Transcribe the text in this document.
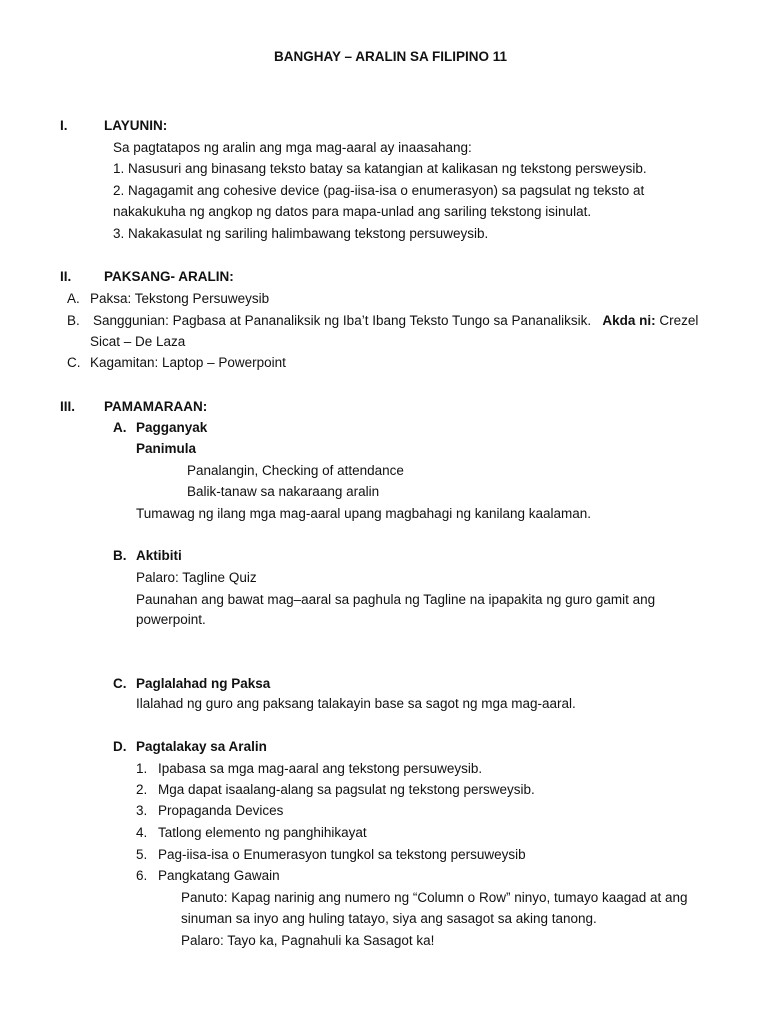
BANGHAY – ARALIN SA FILIPINO 11
I.	LAYUNIN:
Sa pagtatapos ng aralin ang mga mag-aaral ay inaasahang:
1. Nasusuri ang binasang teksto batay sa katangian at kalikasan ng tekstong persweysib.
2. Nagagamit ang cohesive device (pag-iisa-isa o enumerasyon) sa pagsulat ng teksto at
nakakukuha ng angkop ng datos para mapa-unlad ang sariling tekstong isinulat.
3. Nakakasulat ng sariling halimbawang tekstong persuweysib.
II. PAKSANG- ARALIN:
A. Paksa: Tekstong Persuweysib
B. Sanggunian: Pagbasa at Pananaliksik ng Iba’t Ibang Teksto Tungo sa Pananaliksik. Akda ni: Crezel
Sicat – De Laza
C. Kagamitan: Laptop – Powerpoint
III. PAMAMARAAN:
A. Pagganyak
Panimula
Panalangin, Checking of attendance
Balik-tanaw sa nakaraang aralin
Tumawag ng ilang mga mag-aaral upang magbahagi ng kanilang kaalaman.
B. Aktibiti
Palaro: Tagline Quiz
Paunahan ang bawat mag–aaral sa paghula ng Tagline na ipapakita ng guro gamit ang
powerpoint.
C. Paglalahad ng Paksa
Ilalahad ng guro ang paksang talakayin base sa sagot ng mga mag-aaral.
D. Pagtalakay sa Aralin
1. Ipabasa sa mga mag-aaral ang tekstong persuweysib.
2. Mga dapat isaalang-alang sa pagsulat ng tekstong persweysib.
3. Propaganda Devices
4. Tatlong elemento ng panghihikayat
5. Pag-iisa-isa o Enumerasyon tungkol sa tekstong persuweysib
6. Pangkatang Gawain
Panuto: Kapag narinig ang numero ng “Column o Row” ninyo, tumayo kaagad at ang
sinuman sa inyo ang huling tatayo, siya ang sasagot sa aking tanong.
Palaro: Tayo ka, Pagnahuli ka Sasagot ka!
